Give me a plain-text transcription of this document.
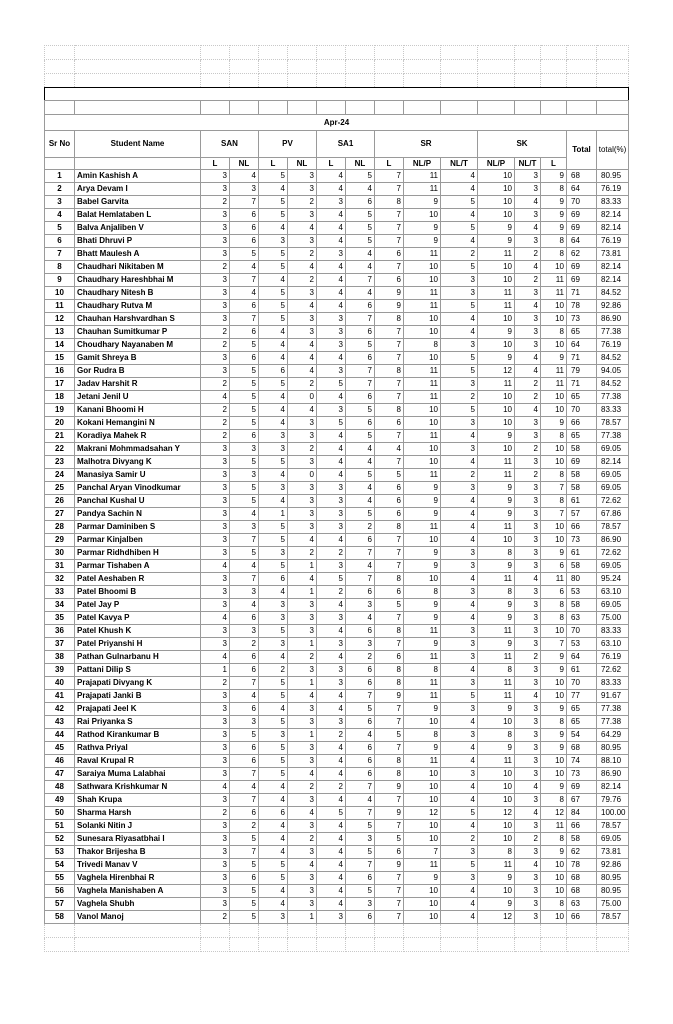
Apr-24															
Sr No	Student Name	SAN		PV		SA1		SR			SK			Total	total(%)
		L	NL	L	NL	L	NL	L	NL/P	NL/T	NL/P	NL/T	L		
1	Amin Kashish A	3	4	5	3	4	5	7	11	4	10	3	9	68	80.95
2	Arya Devam I	3	3	4	3	4	4	7	11	4	10	3	8	64	76.19
3	Babel Garvita	2	7	5	2	3	6	8	9	5	10	4	9	70	83.33
4	Balat Hemlataben L	3	6	5	3	4	5	7	10	4	10	3	9	69	82.14
5	Balva Anjaliben V	3	6	4	4	4	5	7	9	5	9	4	9	69	82.14
6	Bhati Dhruvi P	3	6	3	3	4	5	7	9	4	9	3	8	64	76.19
7	Bhatt Maulesh A	3	5	5	2	3	4	6	11	2	11	2	8	62	73.81
8	Chaudhari Nikitaben M	2	4	5	4	4	4	7	10	5	10	4	10	69	82.14
9	Chaudhary Hareshbhai M	3	7	4	2	4	7	6	10	3	10	2	11	69	82.14
10	Chaudhary Nitesh B	3	4	5	3	4	4	9	11	3	11	3	11	71	84.52
11	Chaudhary Rutva M	3	6	5	4	4	6	9	11	5	11	4	10	78	92.86
12	Chauhan Harshvardhan S	3	7	5	3	3	7	8	10	4	10	3	10	73	86.90
13	Chauhan Sumitkumar P	2	6	4	3	3	6	7	10	4	9	3	8	65	77.38
14	Choudhary Nayanaben M	2	5	4	4	3	5	7	8	3	10	3	10	64	76.19
15	Gamit Shreya B	3	6	4	4	4	6	7	10	5	9	4	9	71	84.52
16	Gor Rudra B	3	5	6	4	3	7	8	11	5	12	4	11	79	94.05
17	Jadav Harshit R	2	5	5	2	5	7	7	11	3	11	2	11	71	84.52
18	Jetani Jenil U	4	5	4	0	4	6	7	11	2	10	2	10	65	77.38
19	Kanani Bhoomi H	2	5	4	4	3	5	8	10	5	10	4	10	70	83.33
20	Kokani Hemangini N	2	5	4	3	5	6	6	10	3	10	3	9	66	78.57
21	Koradiya Mahek R	2	6	3	3	4	5	7	11	4	9	3	8	65	77.38
22	Makrani Mohmmadsahan Y	3	3	3	2	4	4	4	10	3	10	2	10	58	69.05
23	Malhotra Divyang K	3	5	5	3	4	4	7	10	4	11	3	10	69	82.14
24	Manasiya Samir U	3	3	4	0	4	5	5	11	2	11	2	8	58	69.05
25	Panchal Aryan Vinodkumar	3	5	3	3	3	4	6	9	3	9	3	7	58	69.05
26	Panchal Kushal U	3	5	4	3	3	4	6	9	4	9	3	8	61	72.62
27	Pandya Sachin N	3	4	1	3	3	5	6	9	4	9	3	7	57	67.86
28	Parmar Daminiben S	3	3	5	3	3	2	8	11	4	11	3	10	66	78.57
29	Parmar Kinjalben	3	7	5	4	4	6	7	10	4	10	3	10	73	86.90
30	Parmar Ridhdhiben H	3	5	3	2	2	7	7	9	3	8	3	9	61	72.62
31	Parmar Tishaben A	4	4	5	1	3	4	7	9	3	9	3	6	58	69.05
32	Patel Aeshaben R	3	7	6	4	5	7	8	10	4	11	4	11	80	95.24
33	Patel Bhoomi B	3	3	4	1	2	6	6	8	3	8	3	6	53	63.10
34	Patel Jay P	3	4	3	3	4	3	5	9	4	9	3	8	58	69.05
35	Patel Kavya P	4	6	3	3	3	4	7	9	4	9	3	8	63	75.00
36	Patel Khush K	3	3	5	3	4	6	8	11	3	11	3	10	70	83.33
37	Patel Priyanshi H	3	2	3	1	3	3	7	9	3	9	3	7	53	63.10
38	Pathan Gulnarbanu H	4	6	4	2	4	2	6	11	3	11	2	9	64	76.19
39	Pattani Dilip S	1	6	2	3	3	6	8	8	4	8	3	9	61	72.62
40	Prajapati Divyang K	2	7	5	1	3	6	8	11	3	11	3	10	70	83.33
41	Prajapati Janki B	3	4	5	4	4	7	9	11	5	11	4	10	77	91.67
42	Prajapati Jeel K	3	6	4	3	4	5	7	9	3	9	3	9	65	77.38
43	Rai Priyanka S	3	3	5	3	3	6	7	10	4	10	3	8	65	77.38
44	Rathod Kirankumar B	3	5	3	1	2	4	5	8	3	8	3	9	54	64.29
45	Rathva Priyal	3	6	5	3	4	6	7	9	4	9	3	9	68	80.95
46	Raval Krupal R	3	6	5	3	4	6	8	11	4	11	3	10	74	88.10
47	Saraiya Muma Lalabhai	3	7	5	4	4	6	8	10	3	10	3	10	73	86.90
48	Sathwara Krishkumar N	4	4	4	2	2	7	9	10	4	10	4	9	69	82.14
49	Shah Krupa	3	7	4	3	4	4	7	10	4	10	3	8	67	79.76
50	Sharma Harsh	2	6	6	4	5	7	9	12	5	12	4	12	84	100.00
51	Solanki Nitin J	3	2	4	3	4	5	7	10	4	10	3	11	66	78.57
52	Sunesara Riyasatbhai I	3	5	4	2	4	3	5	10	2	10	2	8	58	69.05
53	Thakor Brijesha B	3	7	4	3	4	5	6	7	3	8	3	9	62	73.81
54	Trivedi Manav V	3	5	5	4	4	7	9	11	5	11	4	10	78	92.86
55	Vaghela Hirenbhai R	3	6	5	3	4	6	7	9	3	9	3	10	68	80.95
56	Vaghela Manishaben A	3	5	4	3	4	5	7	10	4	10	3	10	68	80.95
57	Vaghela Shubh	3	5	4	3	4	3	7	10	4	9	3	8	63	75.00
58	Vanol Manoj	2	5	3	1	3	6	7	10	4	12	3	10	66	78.57
